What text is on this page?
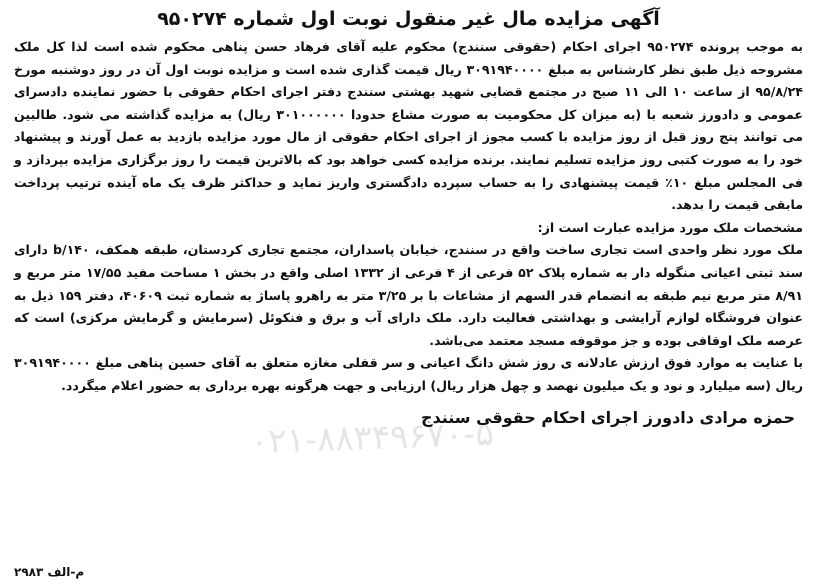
آگهی مزایده مال غیر منقول نوبت اول شماره ۹۵۰۲۷۴

به موجب پرونده ۹۵۰۲۷۴ اجرای احکام (حقوقی سنندج) محکوم علیه آقای فرهاد حسن پناهی محکوم شده است لذا کل ملک مشروحه ذیل طبق نظر کارشناس به مبلغ ۳۰۹۱۹۴۰۰۰۰ ریال قیمت گذاری شده است و مزایده نوبت اول آن در روز دوشنبه مورخ ۹۵/۸/۲۴ از ساعت ۱۰ الی ۱۱ صبح در مجتمع قضایی شهید بهشتی سنندج دفتر اجرای احکام حقوقی با حضور نماینده دادسرای عمومی و دادورز شعبه با (به میزان کل محکومیت به صورت مشاع حدودا ۳۰۱۰۰۰۰۰۰ ریال) به مزایده گذاشته می شود. طالبین می توانند پنج روز قبل از روز مزایده با کسب مجوز از اجرای احکام حقوقی از مال مورد مزایده بازدید به عمل آورند و پیشنهاد خود را به صورت کتبی روز مزایده تسلیم نمایند. برنده مزایده کسی خواهد بود که بالاترین قیمت را روز برگزاری مزایده بپردازد و فی المجلس مبلغ ۱۰٪ قیمت پیشنهادی را به حساب سپرده دادگستری واریز نماید و حداکثر ظرف یک ماه آینده ترتیب پرداخت مابقی قیمت را بدهد.

مشخصات ملک مورد مزایده عبارت است از:

ملک مورد نظر واحدی است تجاری ساخت واقع در سنندج، خیابان پاسداران، مجتمع تجاری کردستان، طبقه همکف، b/۱۴۰ دارای سند ثبتی اعیانی منگوله دار به شماره پلاک ۵۲ فرعی از ۴ فرعی از ۱۳۳۲ اصلی واقع در بخش ۱ مساحت مفید ۱۷/۵۵ متر مربع و ۸/۹۱ متر مربع نیم طبقه به انضمام قدر السهم از مشاعات با بر ۳/۲۵ متر به راهرو پاساژ به شماره ثبت ۴۰۶۰۹، دفتر ۱۵۹ ذیل به عنوان فروشگاه لوازم آرایشی و بهداشتی فعالیت دارد. ملک دارای آب و برق و فنکوئل (سرمایش و گرمایش مرکزی) است که عرصه ملک اوقافی بوده و جز موقوفه مسجد معتمد می‌باشد.

با عنایت به موارد فوق ارزش عادلانه ی روز شش دانگ اعیانی و سر قفلی مغازه متعلق به آقای حسین پناهی مبلغ ۳۰۹۱۹۴۰۰۰۰ ریال (سه میلیارد و نود و یک میلیون نهصد و چهل هزار ریال) ارزیابی و جهت هرگونه بهره برداری به حضور اعلام میگردد.

حمزه مرادی دادورز اجرای احکام حقوقی سنندج
م-الف ۲۹۸۳
۰۲۱-۸۸۳۴۹۶۷۰-۵
